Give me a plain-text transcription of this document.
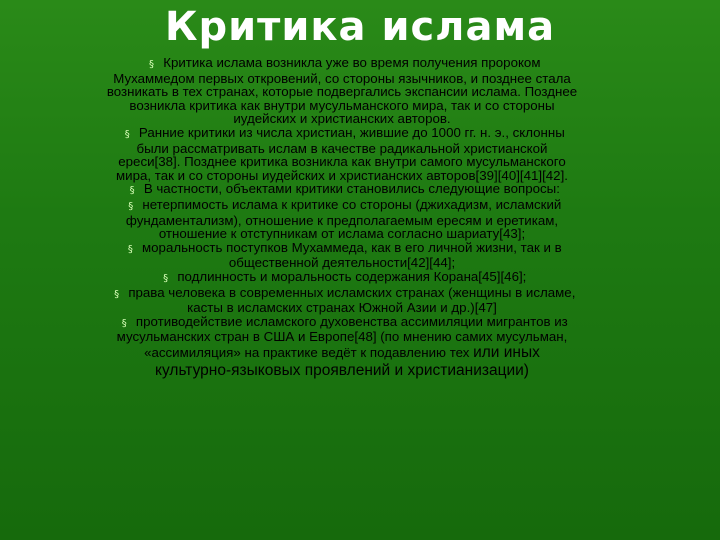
Критика ислама

§ Критика ислама возникла уже во время получения пророком Мухаммедом первых откровений, со стороны язычников, и позднее стала возникать в тех странах, которые подвергались экспансии ислама. Позднее возникла критика как внутри мусульманского мира, так и со стороны иудейских и христианских авторов.

§ Ранние критики из числа христиан, жившие до 1000 гг. н. э., склонны были рассматривать ислам в качестве радикальной христианской ереси[38]. Позднее критика возникла как внутри самого мусульманского мира, так и со стороны иудейских и христианских авторов[39][40][41][42].

§ В частности, объектами критики становились следующие вопросы:

§ нетерпимость ислама к критике со стороны (джихадизм, исламский фундаментализм), отношение к предполагаемым ересям и еретикам, отношение к отступникам от ислама согласно шариату[43];

§ моральность поступков Мухаммеда, как в его личной жизни, так и в общественной деятельности[42][44];

§ подлинность и моральность содержания Корана[45][46];

§ права человека в современных исламских странах (женщины в исламе, касты в исламских странах Южной Азии и др.)[47]

§ противодействие исламского духовенства ассимиляции мигрантов из мусульманских стран в США и Европе[48] (по мнению самих мусульман, «ассимиляция» на практике ведёт к подавлению тех или иных культурно-языковых проявлений и христианизации)
